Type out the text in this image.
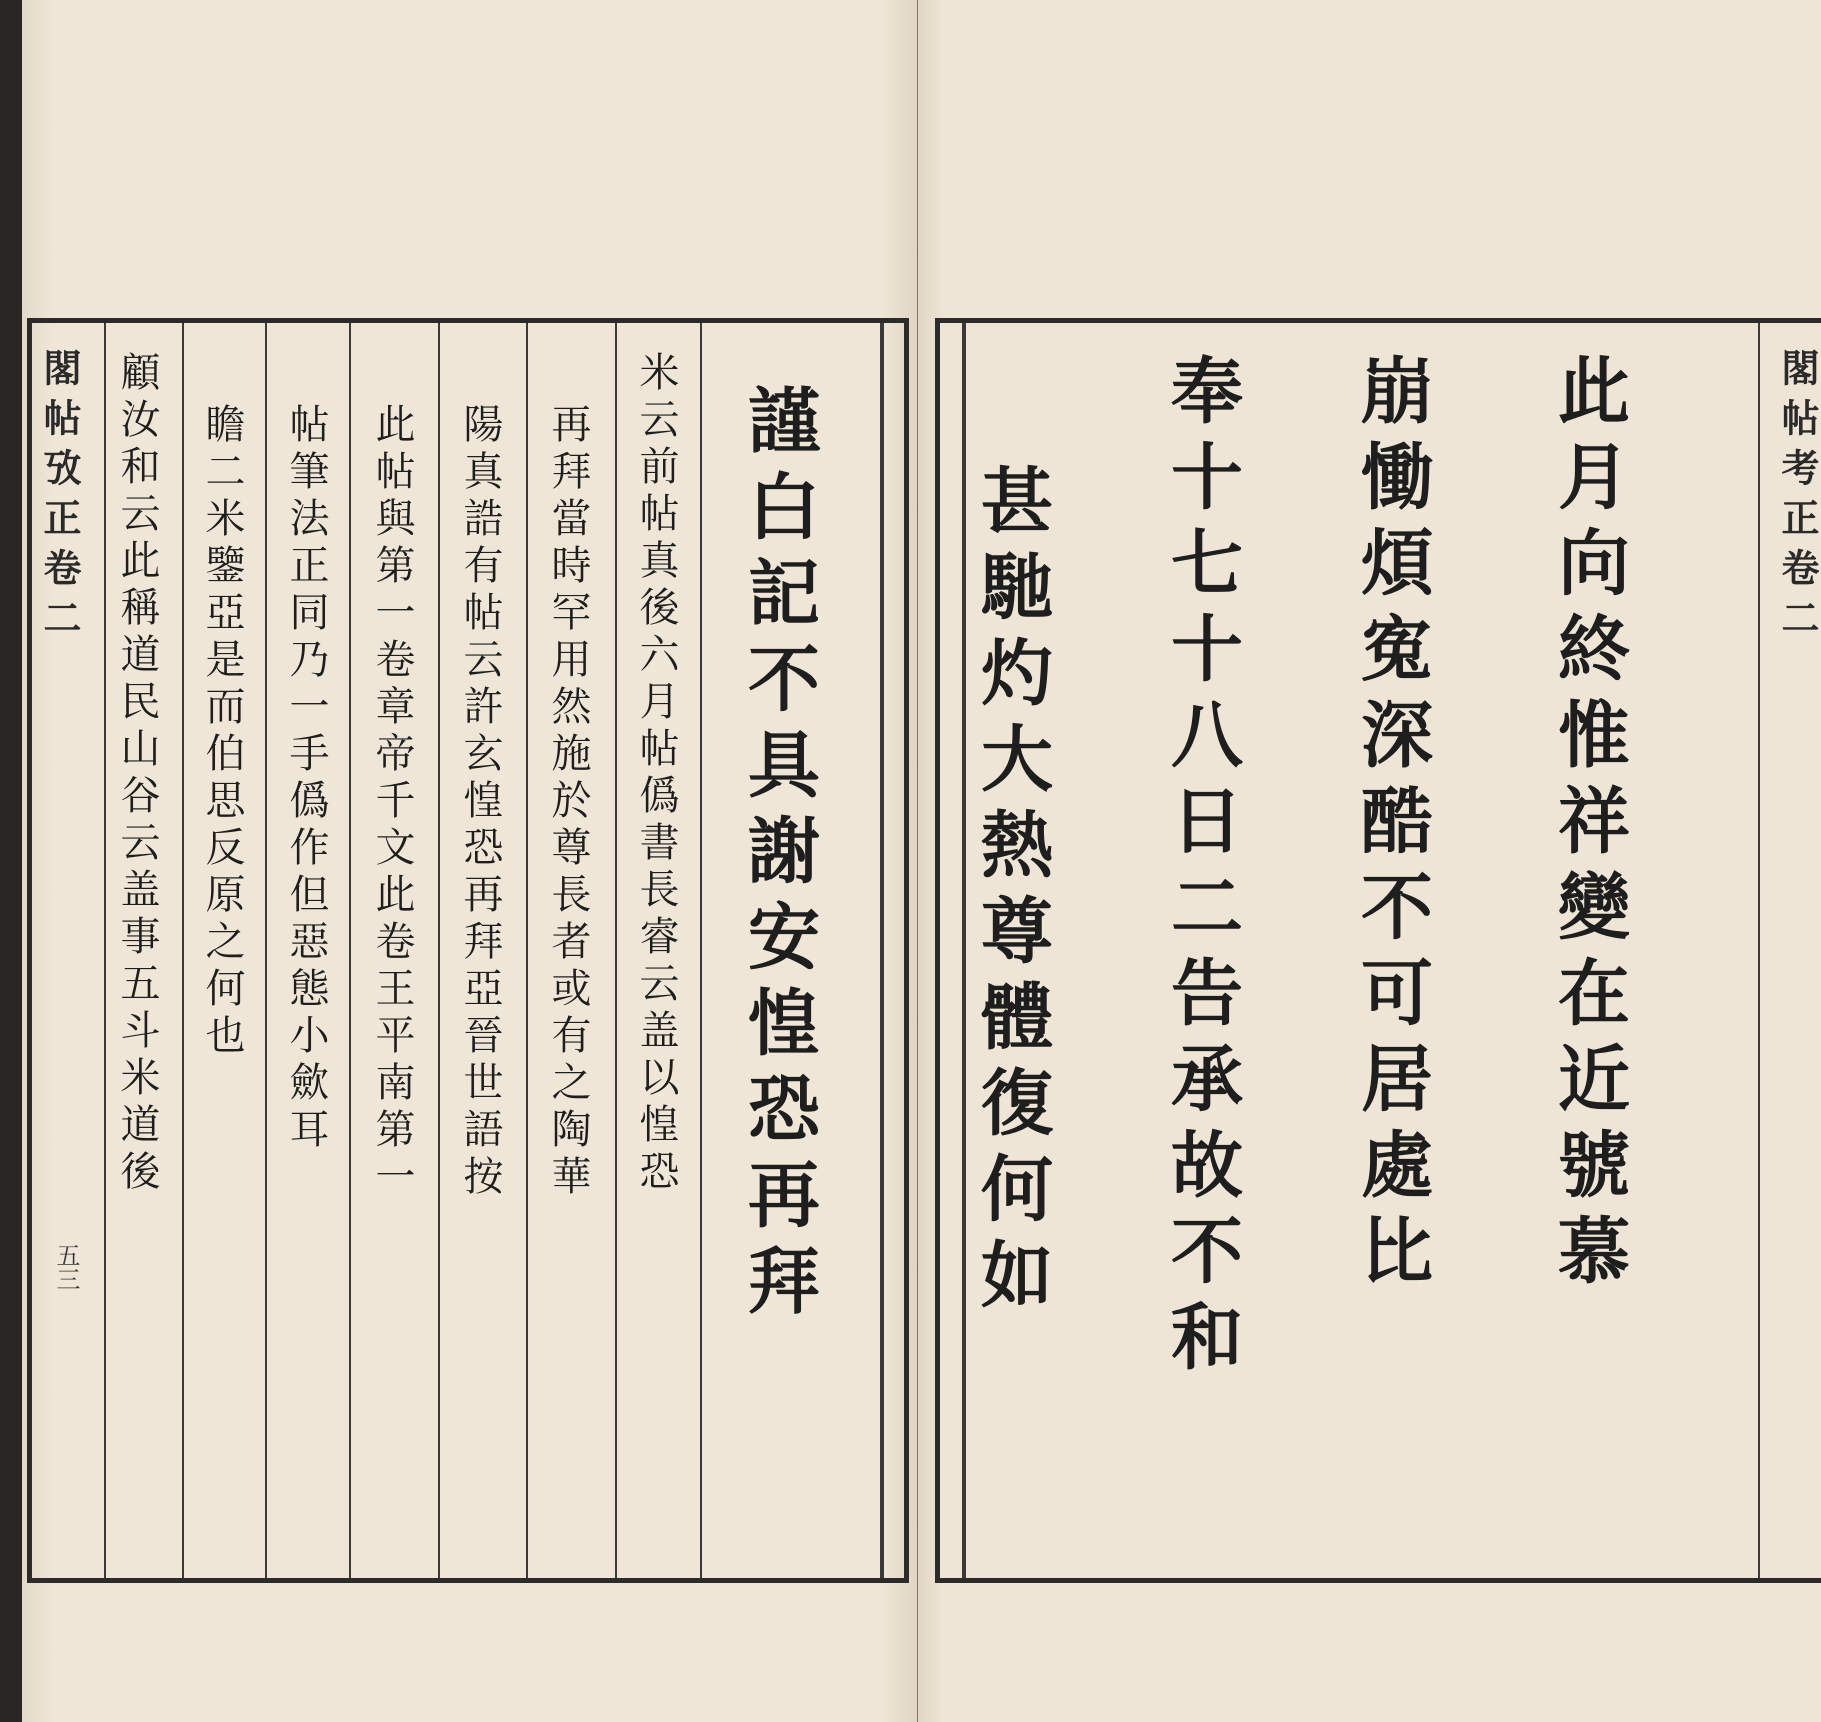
閣帖攷正卷二
五三
顧汝和云此稱道民山谷云盖事五斗米道後 瞻二米鑒亞是而伯思反原之何也 帖筆法正同乃一手僞作但惡態小歛耳 此帖與第一卷章帝千文此卷王平南第一 陽真誥有帖云許玄惶恐再拜亞晉世語按 再拜當時罕用然施於尊長者或有之陶華 米云前帖真後六月帖僞書長睿云盖以惶恐 謹白記不具謝安惶恐再拜 甚馳灼大熱尊體復何如 奉十七十八日二告承故不和 崩慟煩寃深酷不可居處比 此月向終惟祥變在近號慕	閣帖考正卷二
